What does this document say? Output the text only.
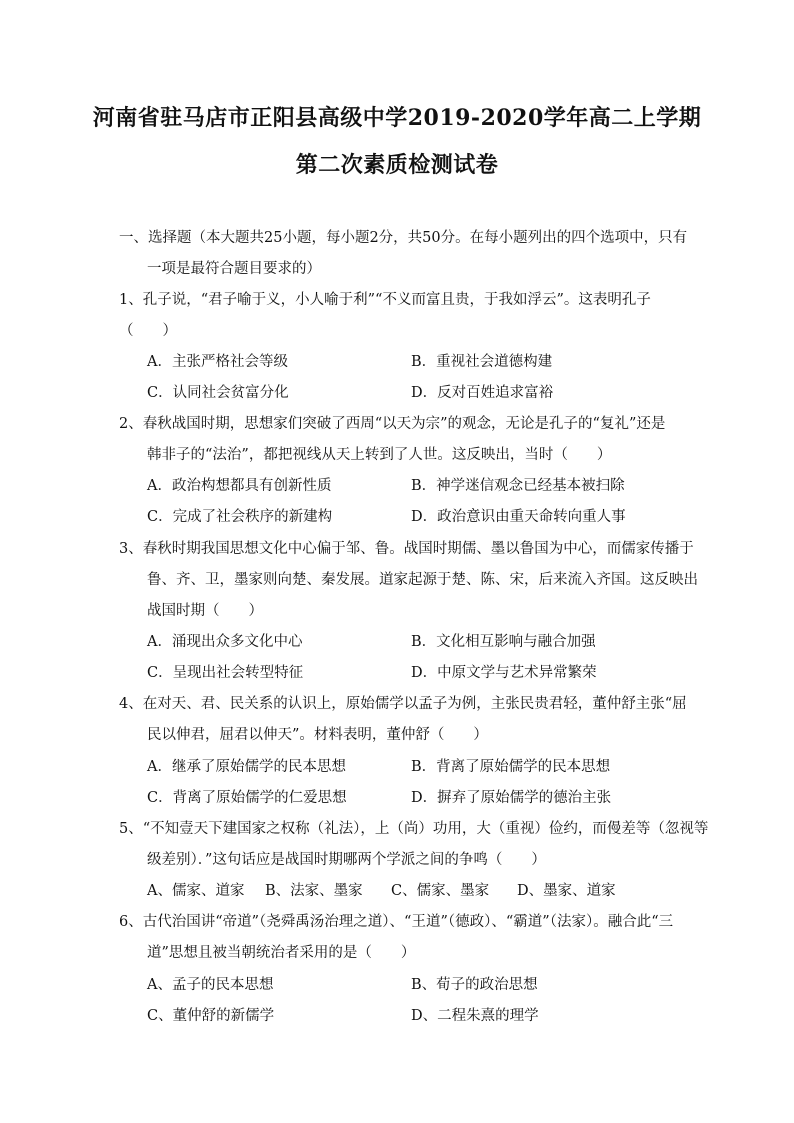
河南省驻马店市正阳县高级中学2019-2020学年高二上学期
第二次素质检测试卷
一、选择题（本大题共25小题，每小题2分，共50分。在每小题列出的四个选项中，只有
一项是最符合题目要求的）
1、孔子说，“君子喻于义，小人喻于利”“不义而富且贵，于我如浮云”。这表明孔子
（　　）
A．主张严格社会等级	B．重视社会道德构建
C．认同社会贫富分化	D．反对百姓追求富裕
2、春秋战国时期，思想家们突破了西周“以天为宗”的观念，无论是孔子的“复礼”还是
韩非子的“法治”，都把视线从天上转到了人世。这反映出，当时（　　）
A．政治构想都具有创新性质	B．神学迷信观念已经基本被扫除
C．完成了社会秩序的新建构	D．政治意识由重天命转向重人事
3、春秋时期我国思想文化中心偏于邹、鲁。战国时期儒、墨以鲁国为中心，而儒家传播于
鲁、齐、卫，墨家则向楚、秦发展。道家起源于楚、陈、宋，后来流入齐国。这反映出
战国时期（　　）
A．涌现出众多文化中心	B．文化相互影响与融合加强
C．呈现出社会转型特征	D．中原文学与艺术异常繁荣
4、在对天、君、民关系的认识上，原始儒学以孟子为例，主张民贵君轻，董仲舒主张“屈
民以伸君，屈君以伸天”。材料表明，董仲舒（　　）
A．继承了原始儒学的民本思想	B．背离了原始儒学的民本思想
C．背离了原始儒学的仁爱思想	D．摒弃了原始儒学的德治主张
5、“不知壹天下建国家之权称（礼法），上（尚）功用，大（重视）俭约，而僈差等（忽视等
级差别）．”这句话应是战国时期哪两个学派之间的争鸣（　　）
A、儒家、道家 B、法家、墨家 C、儒家、墨家 D、墨家、道家
6、古代治国讲“帝道”（尧舜禹汤治理之道）、“王道”（德政）、“霸道”（法家）。融合此“三
道”思想且被当朝统治者采用的是（　　）
A、孟子的民本思想	B、荀子的政治思想
C、董仲舒的新儒学	D、二程朱熹的理学
